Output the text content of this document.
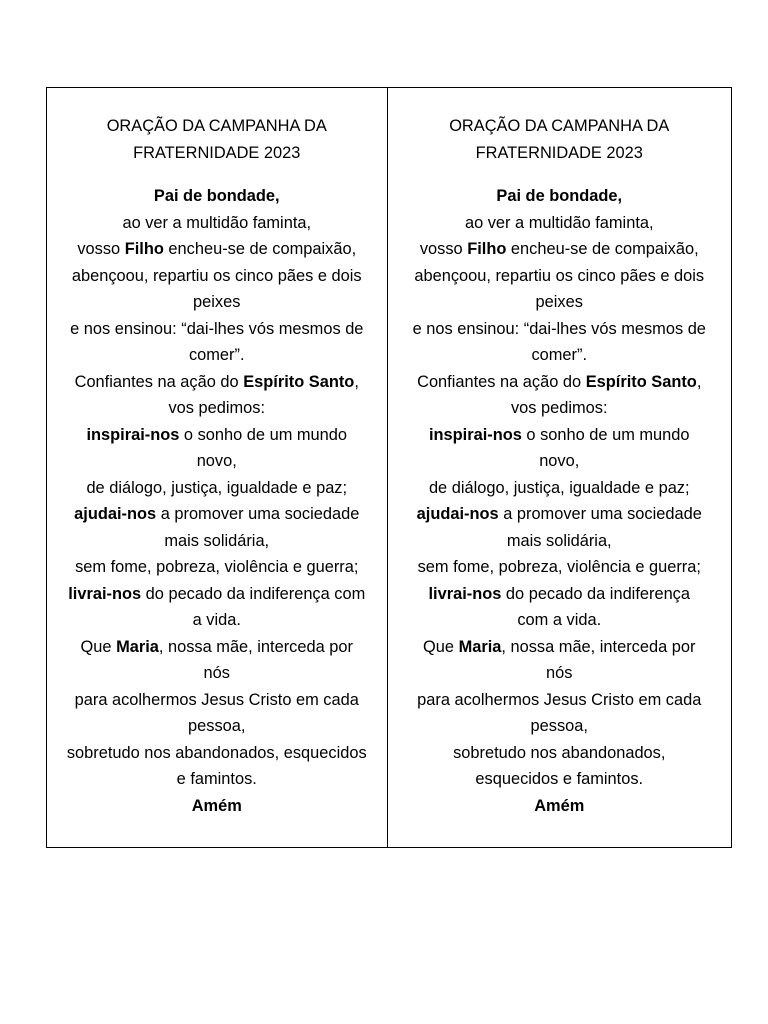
ORAÇÃO DA CAMPANHA DA
FRATERNIDADE 2023
Pai de bondade,
ao ver a multidão faminta,
vosso Filho encheu-se de compaixão,
abençoou, repartiu os cinco pães e dois
peixes
e nos ensinou: “dai-lhes vós mesmos de
comer”.
Confiantes na ação do Espírito Santo,
vos pedimos:
inspirai-nos o sonho de um mundo
novo,
de diálogo, justiça, igualdade e paz;
ajudai-nos a promover uma sociedade
mais solidária,
sem fome, pobreza, violência e guerra;
livrai-nos do pecado da indiferença com
a vida.
Que Maria, nossa mãe, interceda por
nós
para acolhermos Jesus Cristo em cada
pessoa,
sobretudo nos abandonados, esquecidos
e famintos.
Amém
ORAÇÃO DA CAMPANHA DA
FRATERNIDADE 2023
Pai de bondade,
ao ver a multidão faminta,
vosso Filho encheu-se de compaixão,
abençoou, repartiu os cinco pães e dois
peixes
e nos ensinou: “dai-lhes vós mesmos de
comer”.
Confiantes na ação do Espírito Santo,
vos pedimos:
inspirai-nos o sonho de um mundo
novo,
de diálogo, justiça, igualdade e paz;
ajudai-nos a promover uma sociedade
mais solidária,
sem fome, pobreza, violência e guerra;
livrai-nos do pecado da indiferença
com a vida.
Que Maria, nossa mãe, interceda por
nós
para acolhermos Jesus Cristo em cada
pessoa,
sobretudo nos abandonados,
esquecidos e famintos.
Amém
